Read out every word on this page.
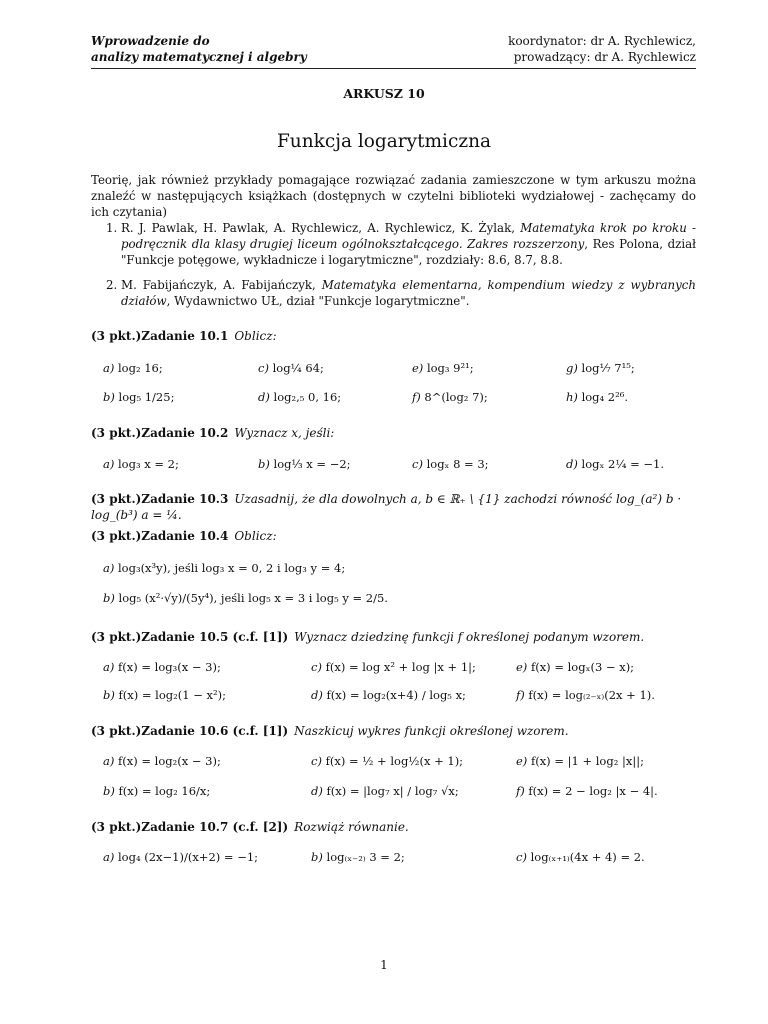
Wprowadzenie do
analizy matematycznej i algebry
koordynator: dr A. Rychlewicz,
prowadzący: dr A. Rychlewicz
ARKUSZ 10
Funkcja logarytmiczna
Teorię, jak również przykłady pomagające rozwiązać zadania zamieszczone w tym arkuszu można znaleźć w następujących książkach (dostępnych w czytelni biblioteki wydziałowej - zachęcamy do ich czytania)
1. R. J. Pawlak, H. Pawlak, A. Rychlewicz, A. Rychlewicz, K. Żylak, Matematyka krok po kroku - podręcznik dla klasy drugiej liceum ogólnokształcącego. Zakres rozszerzony, Res Polona, dział "Funkcje potęgowe, wykładnicze i logarytmiczne", rozdziały: 8.6, 8.7, 8.8.
2. M. Fabijańczyk, A. Fabijańczyk, Matematyka elementarna, kompendium wiedzy z wybranych działów, Wydawnictwo UŁ, dział "Funkcje logarytmiczne".
(3 pkt.)Zadanie 10.1 Oblicz:
a) log₂ 16;	c) log¼ 64;	e) log₃ 9²¹;	g) log⅐ 7¹⁵;
b) log₅ 1/25;	d) log₂,₅ 0, 16;	f) 8^(log₂ 7);	h) log₄ 2²⁶.
(3 pkt.)Zadanie 10.2 Wyznacz x, jeśli:
a) log₃ x = 2;	b) log⅓ x = −2;	c) logₓ 8 = 3;	d) logₓ 2¼ = −1.
(3 pkt.)Zadanie 10.3 Uzasadnij, że dla dowolnych a, b ∈ ℝ₊ \ {1} zachodzi równość log_(a²) b · log_(b³) a = ¼.
(3 pkt.)Zadanie 10.4 Oblicz:
a) log₃(x³y), jeśli log₃ x = 0, 2 i log₃ y = 4;
b) log₅ (x²·√y)/(5y⁴), jeśli log₅ x = 3 i log₅ y = 2/5.
(3 pkt.)Zadanie 10.5 (c.f. [1]) Wyznacz dziedzinę funkcji f określonej podanym wzorem.
a) f(x) = log₃(x − 3);	c) f(x) = log x² + log |x + 1|;	e) f(x) = logₓ(3 − x);
b) f(x) = log₂(1 − x²);	d) f(x) = log₂(x+4) / log₅ x;	f) f(x) = log₍₂₋ₓ₎(2x + 1).
(3 pkt.)Zadanie 10.6 (c.f. [1]) Naszkicuj wykres funkcji określonej wzorem.
a) f(x) = log₂(x − 3);	c) f(x) = ½ + log½(x + 1);	e) f(x) = |1 + log₂ |x||;
b) f(x) = log₂ 16/x;	d) f(x) = |log₇ x| / log₇ √x;	f) f(x) = 2 − log₂ |x − 4|.
(3 pkt.)Zadanie 10.7 (c.f. [2]) Rozwiąż równanie.
a) log₄ (2x−1)/(x+2) = −1;	b) log₍ₓ₋₂₎ 3 = 2;	c) log₍ₓ₊₁₎(4x + 4) = 2.
1
